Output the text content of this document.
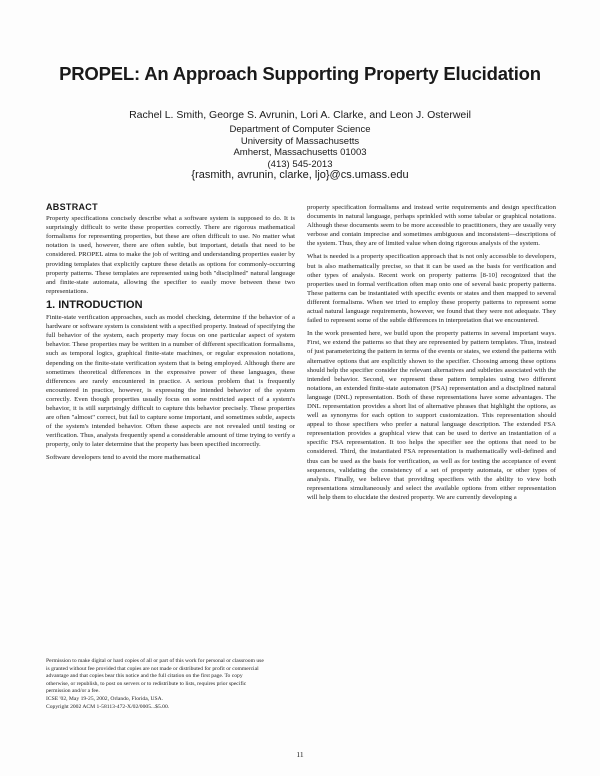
PROPEL: An Approach Supporting Property Elucidation
Rachel L. Smith, George S. Avrunin, Lori A. Clarke, and Leon J. Osterweil
Department of Computer Science
University of Massachusetts
Amherst, Massachusetts 01003
(413) 545-2013
{rasmith, avrunin, clarke, ljo}@cs.umass.edu
ABSTRACT

Property specifications concisely describe what a software system is supposed to do. It is surprisingly difficult to write these properties correctly. There are rigorous mathematical formalisms for representing properties, but these are often difficult to use. No matter what notation is used, however, there are often subtle, but important, details that need to be considered. PROPEL aims to make the job of writing and understanding properties easier by providing templates that explicitly capture these details as options for commonly-occurring property patterns. These templates are represented using both "disciplined" natural language and finite-state automata, allowing the specifier to easily move between these two representations.

1. INTRODUCTION

Finite-state verification approaches, such as model checking, determine if the behavior of a hardware or software system is consistent with a specified property. Instead of specifying the full behavior of the system, each property may focus on one particular aspect of system behavior. These properties may be written in a number of different specification formalisms, such as temporal logics, graphical finite-state machines, or regular expression notations, depending on the finite-state verification system that is being employed. Although there are sometimes theoretical differences in the expressive power of these languages, these differences are rarely encountered in practice. A serious problem that is frequently encountered in practice, however, is expressing the intended behavior of the system correctly. Even though properties usually focus on some restricted aspect of a system's behavior, it is still surprisingly difficult to capture this behavior precisely. These properties are often "almost" correct, but fail to capture some important, and sometimes subtle, aspects of the system's intended behavior. Often these aspects are not revealed until testing or verification. Thus, analysts frequently spend a considerable amount of time trying to verify a property, only to later determine that the property has been specified incorrectly.

Software developers tend to avoid the more mathematical

Permission to make digital or hard copies of all or part of this work for personal or classroom use is granted without fee provided that copies are not made or distributed for profit or commercial advantage and that copies bear this notice and the full citation on the first page. To copy otherwise, or republish, to post on servers or to redistribute to lists, requires prior specific permission and/or a fee.

ICSE '02, May 19-25, 2002, Orlando, Florida, USA.

Copyright 2002 ACM 1-58113-472-X/02/0005...$5.00.

property specification formalisms and instead write requirements and design specification documents in natural language, perhaps sprinkled with some tabular or graphical notations. Although these documents seem to be more accessible to practitioners, they are usually very verbose and contain imprecise and sometimes ambiguous and inconsistent—descriptions of the system. Thus, they are of limited value when doing rigorous analysis of the system.

What is needed is a property specification approach that is not only accessible to developers, but is also mathematically precise, so that it can be used as the basis for verification and other types of analysis. Recent work on property patterns [8-10] recognized that the properties used in formal verification often map onto one of several basic property patterns. These patterns can be instantiated with specific events or states and then mapped to several different formalisms. When we tried to employ these property patterns to represent some actual natural language requirements, however, we found that they were not adequate. They failed to represent some of the subtle differences in interpretation that we encountered.

In the work presented here, we build upon the property patterns in several important ways. First, we extend the patterns so that they are represented by pattern templates. Thus, instead of just parameterizing the pattern in terms of the events or states, we extend the patterns with alternative options that are explicitly shown to the specifier. Choosing among these options should help the specifier consider the relevant alternatives and subtleties associated with the intended behavior. Second, we represent these pattern templates using two different notations, an extended finite-state automaton (FSA) representation and a disciplined natural language (DNL) representation. Both of these representations have some advantages. The DNL representation provides a short list of alternative phrases that highlight the options, as well as synonyms for each option to support customization. This representation should appeal to those specifiers who prefer a natural language description. The extended FSA representation provides a graphical view that can be used to derive an instantiation of a specific FSA representation. It too helps the specifier see the options that need to be considered. Third, the instantiated FSA representation is mathematically well-defined and thus can be used as the basis for verification, as well as for testing the acceptance of event sequences, validating the consistency of a set of property automata, or other types of analysis. Finally, we believe that providing specifiers with the ability to view both representations simultaneously and select the available options from either representation will help them to elucidate the desired property. We are currently developing a

11
